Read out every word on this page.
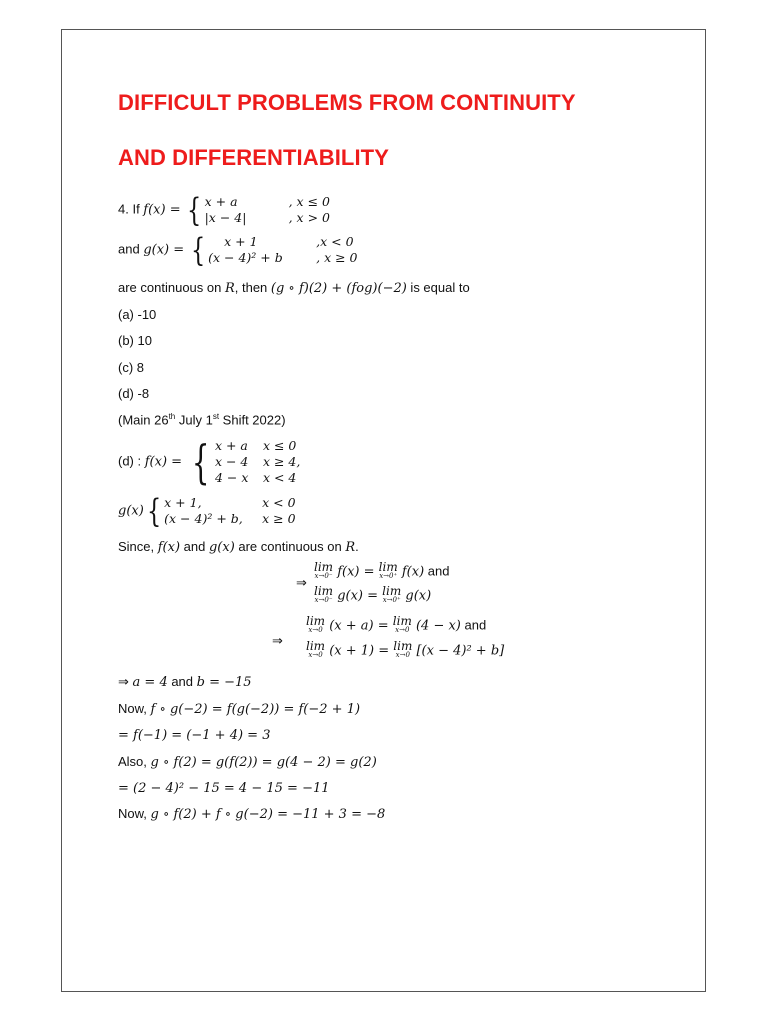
DIFFICULT PROBLEMS FROM CONTINUITY
AND DIFFERENTIABILITY
4. If f(x) = { x + a	, x ≤ 0
|x − 4|	, x > 0
and g(x) = {	x + 1	,x < 0
(x − 4)² + b	, x ≥ 0
are continuous on R, then (g ∘ f)(2) + (fog)(−2) is equal to
(a) -10
(b) 10
(c) 8
(d) -8
(Main 26th July 1st Shift 2022)
(d) : f(x) = { x + a	x ≤ 0
x − 4	x ≥ 4,
4 − x	x < 4
g(x){ x + 1,	x < 0
(x − 4)² + b,	x ≥ 0
Since, f(x) and g(x) are continuous on R.
⇒
lim
x→0⁻ f(x) = lim
x→0⁺ f(x) and
lim
x→0⁻ g(x) = lim
x→0⁺ g(x)
⇒
lim
x→0 (x + a) = lim
x→0 (4 − x) and
lim
x→0 (x + 1) = lim
x→0 [(x − 4)² + b]
⇒ a = 4 and b = −15
Now, f ∘ g(−2) = f(g(−2)) = f(−2 + 1)
= f(−1) = (−1 + 4) = 3
Also, g ∘ f(2) = g(f(2)) = g(4 − 2) = g(2)
= (2 − 4)² − 15 = 4 − 15 = −11
Now, g ∘ f(2) + f ∘ g(−2) = −11 + 3 = −8
